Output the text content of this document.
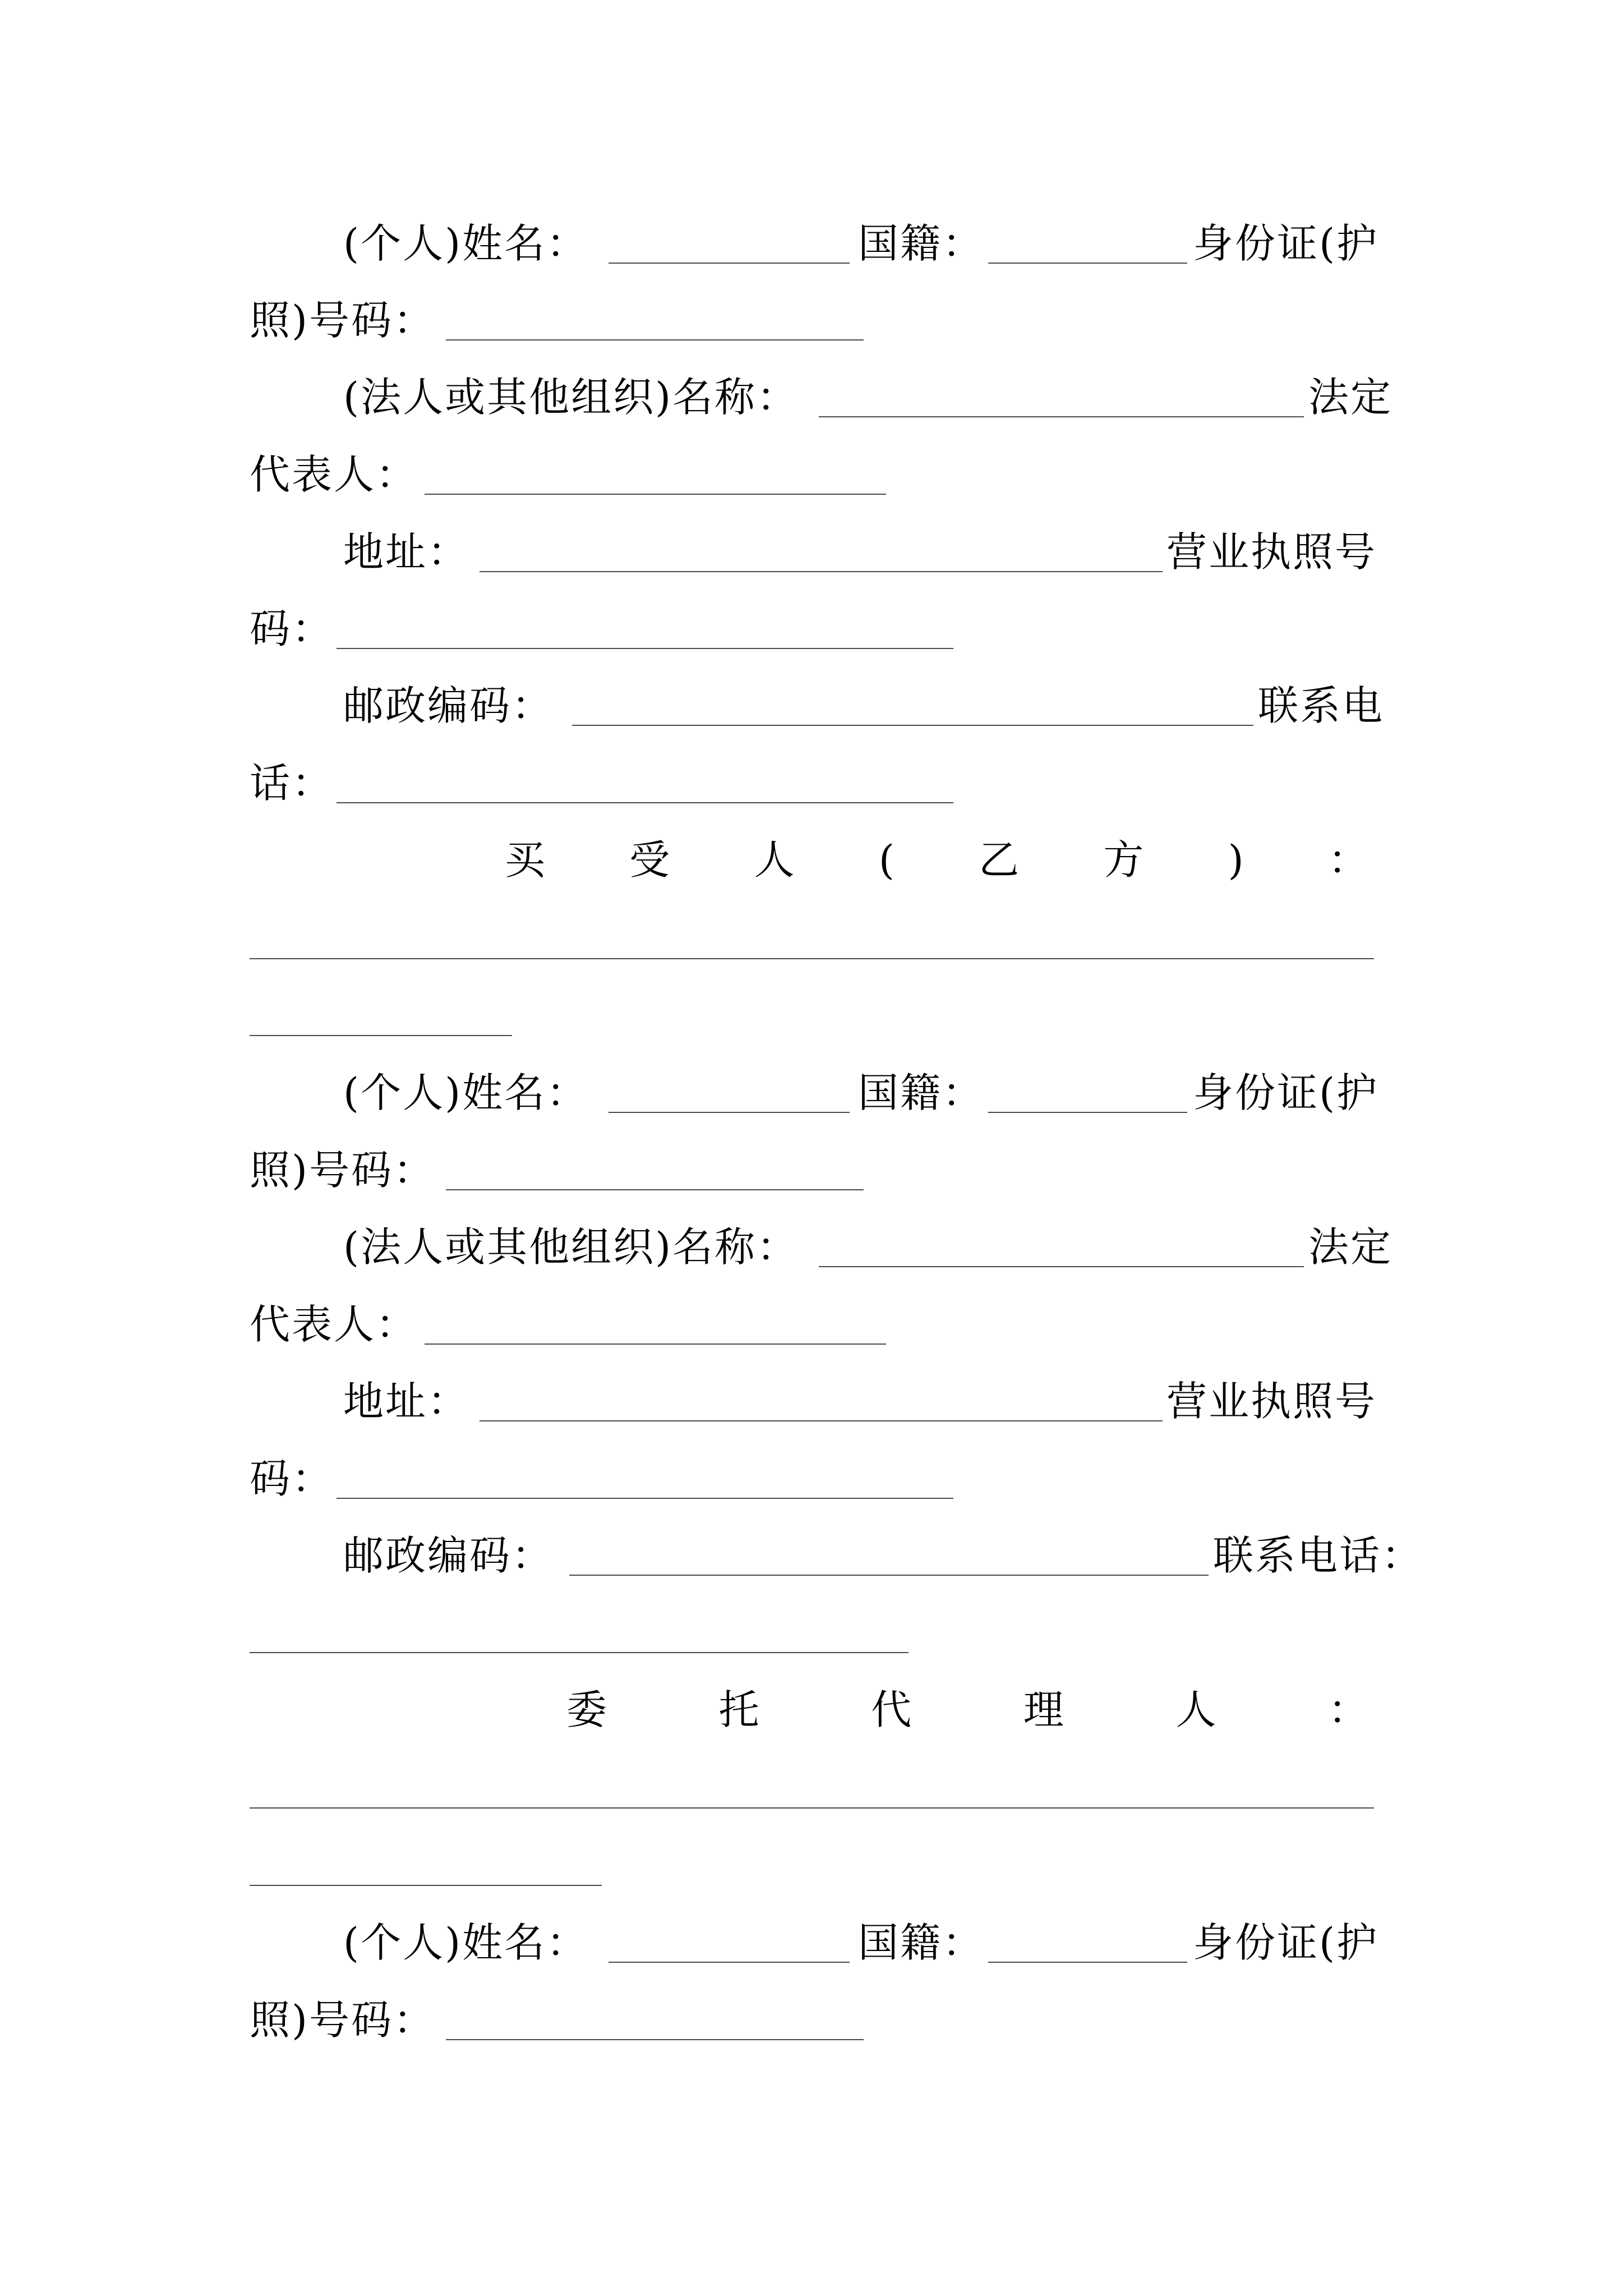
(个人)姓名：	国籍：	身份证(护
照)号码：
(法人或其他组织)名称：	法定
代表人：
地址：	营业执照号
码：
邮政编码：	联系电
话：
买 受 人 ( 乙 方 ) ：
(个人)姓名：	国籍：	身份证(护
照)号码：
(法人或其他组织)名称：	法定
代表人：
地址：	营业执照号
码：
邮政编码：	联系电话：
委	托	代	理	人	：
(个人)姓名：	国籍：	身份证(护
照)号码：
